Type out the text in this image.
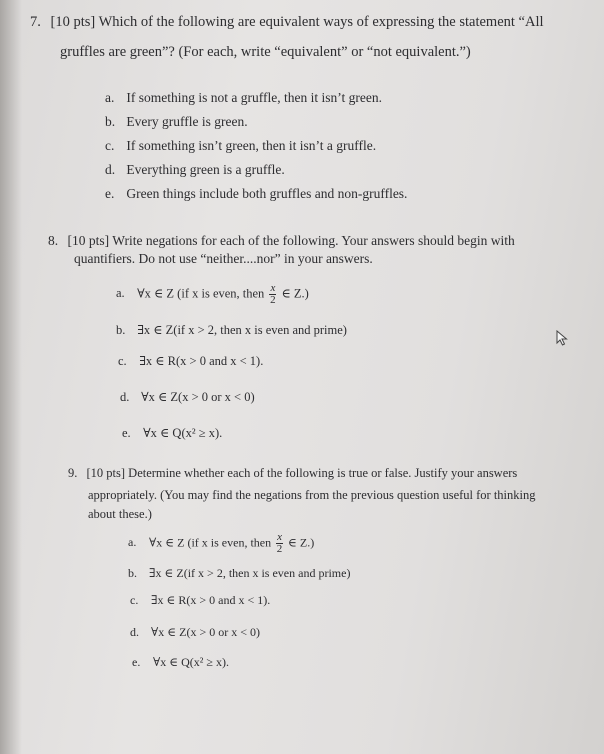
7. [10 pts] Which of the following are equivalent ways of expressing the statement “All
gruffles are green”? (For each, write “equivalent” or “not equivalent.”)
a. If something is not a gruffle, then it isn’t green.
b. Every gruffle is green.
c. If something isn’t green, then it isn’t a gruffle.
d. Everything green is a gruffle.
e. Green things include both gruffles and non-gruffles.
8. [10 pts] Write negations for each of the following. Your answers should begin with
quantifiers. Do not use “neither....nor” in your answers.
a. ∀x ∈ Z (if x is even, then $\frac{x}{2}$ ∈ Z.)
b. ∃x ∈ Z(if x > 2, then x is even and prime)
c. ∃x ∈ R(x > 0 and x < 1).
d. ∀x ∈ Z(x > 0 or x < 0)
e. ∀x ∈ Q(x² ≥ x).
9. [10 pts] Determine whether each of the following is true or false. Justify your answers
appropriately. (You may find the negations from the previous question useful for thinking
about these.)
a. ∀x ∈ Z (if x is even, then $\frac{x}{2}$ ∈ Z.)
b. ∃x ∈ Z(if x > 2, then x is even and prime)
c. ∃x ∈ R(x > 0 and x < 1).
d. ∀x ∈ Z(x > 0 or x < 0)
e. ∀x ∈ Q(x² ≥ x).
